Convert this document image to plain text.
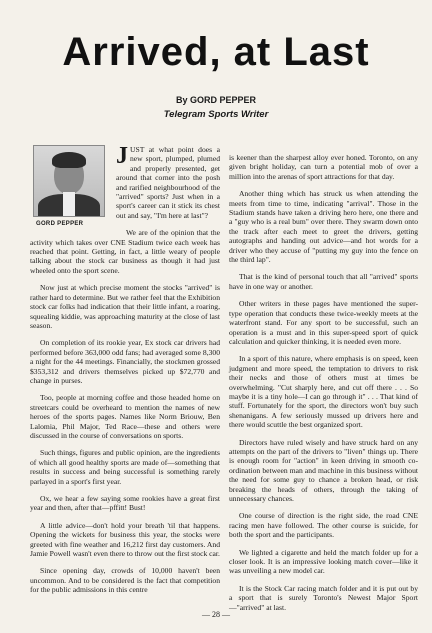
Arrived, at Last
By GORD PEPPER
Telegram Sports Writer
GORD PEPPER

JUST at what point does a new sport, plumped, plumed and properly presented, get around that corner into the posh and rarified neighbourhood of the "arrived" sports? Just when in a sport's career can it stick its chest out and say, "I'm here at last"?

We are of the opinion that the activity which takes over CNE Stadium twice each week has reached that point. Getting, in fact, a little weary of people talking about the stock car business as though it had just wheeled onto the sport scene.

Now just at which precise moment the stocks "arrived" is rather hard to determine. But we rather feel that the Exhibition stock car folks had indication that their little infant, a roaring, squealing kiddie, was approaching maturity at the close of last season.

On completion of its rookie year, Ex stock car drivers had performed before 363,000 odd fans; had averaged some 8,300 a night for the 44 meetings. Financially, the stockmen grossed $353,312 and drivers themselves picked up $72,770 and change in purses.

Too, people at morning coffee and those headed home on streetcars could be overheard to mention the names of new heroes of the sports pages. Names like Norm Briouw, Ben Lalomia, Phil Major, Ted Race—these and others were discussed in the course of conversations on sports.

Such things, figures and public opinion, are the ingredients of which all good healthy sports are made of—something that results in success and being successful is something rarely parlayed in a sport's first year.

Ox, we hear a few saying some rookies have a great first year and then, after that—pffitt! Bust!

A little advice—don't hold your breath 'til that happens. Opening the wickets for business this year, the stocks were greeted with fine weather and 16,212 first day customers. And Jamie Powell wasn't even there to throw out the first stock car.

Since opening day, crowds of 10,000 haven't been uncommon. And to be considered is the fact that competition for the public admissions in this centre

is keener than the sharpest alloy ever honed. Toronto, on any given bright holiday, can turn a potential mob of over a million into the arenas of sport attractions for that day.

Another thing which has struck us when attending the meets from time to time, indicating "arrival". Those in the Stadium stands have taken a driving hero here, one there and a "guy who is a real bum" over there. They swarm down onto the track after each meet to greet the drivers, getting autographs and handing out advice—and hot words for a driver who they accuse of "putting my guy into the fence on the third lap".

That is the kind of personal touch that all "arrived" sports have in one way or another.

Other writers in these pages have mentioned the super-type operation that conducts these twice-weekly meets at the waterfront stand. For any sport to be successful, such an operation is a must and in this super-speed sport of quick calculation and quicker thinking, it is needed even more.

In a sport of this nature, where emphasis is on speed, keen judgment and more speed, the temptation to drivers to risk their necks and those of others must at times be overwhelming. "Cut sharply here, and cut off there . . . So maybe it is a tiny hole—I can go through it" . . . That kind of stuff. Fortunately for the sport, the directors won't buy such shenanigans. A few seriously mussed up drivers here and there would scuttle the best organized sport.

Directors have ruled wisely and have struck hard on any attempts on the part of the drivers to "liven" things up. There is enough room for "action" in keen driving in smooth co-ordination between man and machine in this business without the need for some guy to chance a broken head, or risk breaking the heads of others, through the taking of unnecessary chances.

One course of direction is the right side, the road CNE racing men have followed. The other course is suicide, for both the sport and the participants.

We lighted a cigarette and held the match folder up for a closer look. It is an impressive looking match cover—like it was unveiling a new model car.

It is the Stock Car racing match folder and it is put out by a sport that is surely Toronto's Newest Major Sport—"arrived" at last.

— 28 —
